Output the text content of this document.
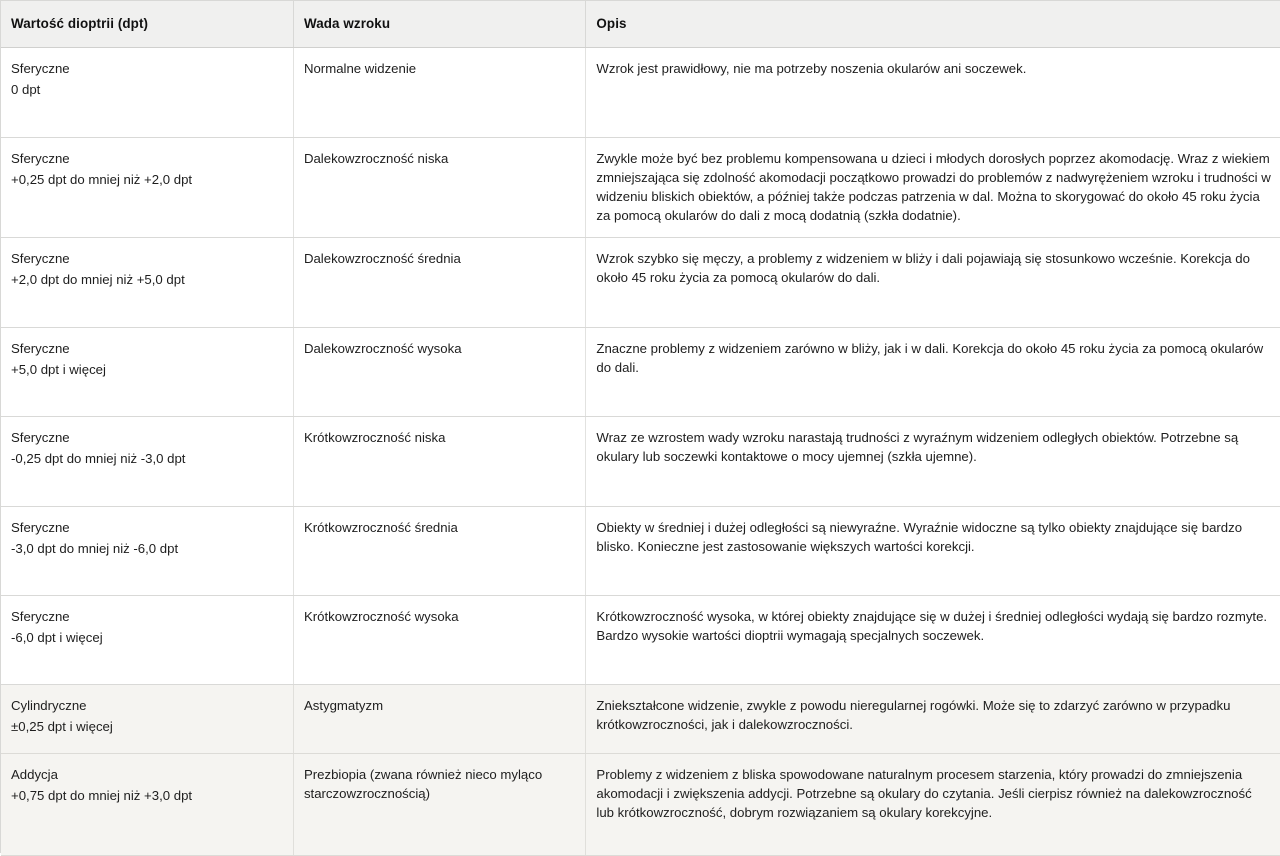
Wartość dioptrii (dpt)	Wada wzroku	Opis

Sferyczne
0 dpt	Normalne widzenie	Wzrok jest prawidłowy, nie ma potrzeby noszenia okularów ani soczewek.

Sferyczne
+0,25 dpt do mniej niż +2,0 dpt	Dalekowzroczność niska	Zwykle może być bez problemu kompensowana u dzieci i młodych dorosłych poprzez akomodację. Wraz z wiekiem zmniejszająca się zdolność akomodacji początkowo prowadzi do problemów z nadwyrężeniem wzroku i trudności w widzeniu bliskich obiektów, a później także podczas patrzenia w dal. Można to skorygować do około 45 roku życia za pomocą okularów do dali z mocą dodatnią (szkła dodatnie).

Sferyczne
+2,0 dpt do mniej niż +5,0 dpt	Dalekowzroczność średnia	Wzrok szybko się męczy, a problemy z widzeniem w bliży i dali pojawiają się stosunkowo wcześnie. Korekcja do około 45 roku życia za pomocą okularów do dali.

Sferyczne
+5,0 dpt i więcej	Dalekowzroczność wysoka	Znaczne problemy z widzeniem zarówno w bliży, jak i w dali. Korekcja do około 45 roku życia za pomocą okularów do dali.

Sferyczne
-0,25 dpt do mniej niż -3,0 dpt	Krótkowzroczność niska	Wraz ze wzrostem wady wzroku narastają trudności z wyraźnym widzeniem odległych obiektów. Potrzebne są okulary lub soczewki kontaktowe o mocy ujemnej (szkła ujemne).

Sferyczne
-3,0 dpt do mniej niż -6,0 dpt	Krótkowzroczność średnia	Obiekty w średniej i dużej odległości są niewyraźne. Wyraźnie widoczne są tylko obiekty znajdujące się bardzo blisko. Konieczne jest zastosowanie większych wartości korekcji.

Sferyczne
-6,0 dpt i więcej	Krótkowzroczność wysoka	Krótkowzroczność wysoka, w której obiekty znajdujące się w dużej i średniej odległości wydają się bardzo rozmyte. Bardzo wysokie wartości dioptrii wymagają specjalnych soczewek.

Cylindryczne
±0,25 dpt i więcej	Astygmatyzm	Zniekształcone widzenie, zwykle z powodu nieregularnej rogówki. Może się to zdarzyć zarówno w przypadku krótkowzroczności, jak i dalekowzroczności.

Addycja
+0,75 dpt do mniej niż +3,0 dpt	Prezbiopia (zwana również nieco myląco starczowzrocznością)	Problemy z widzeniem z bliska spowodowane naturalnym procesem starzenia, który prowadzi do zmniejszenia akomodacji i zwiększenia addycji. Potrzebne są okulary do czytania. Jeśli cierpisz również na dalekowzroczność lub krótkowzroczność, dobrym rozwiązaniem są okulary korekcyjne.
